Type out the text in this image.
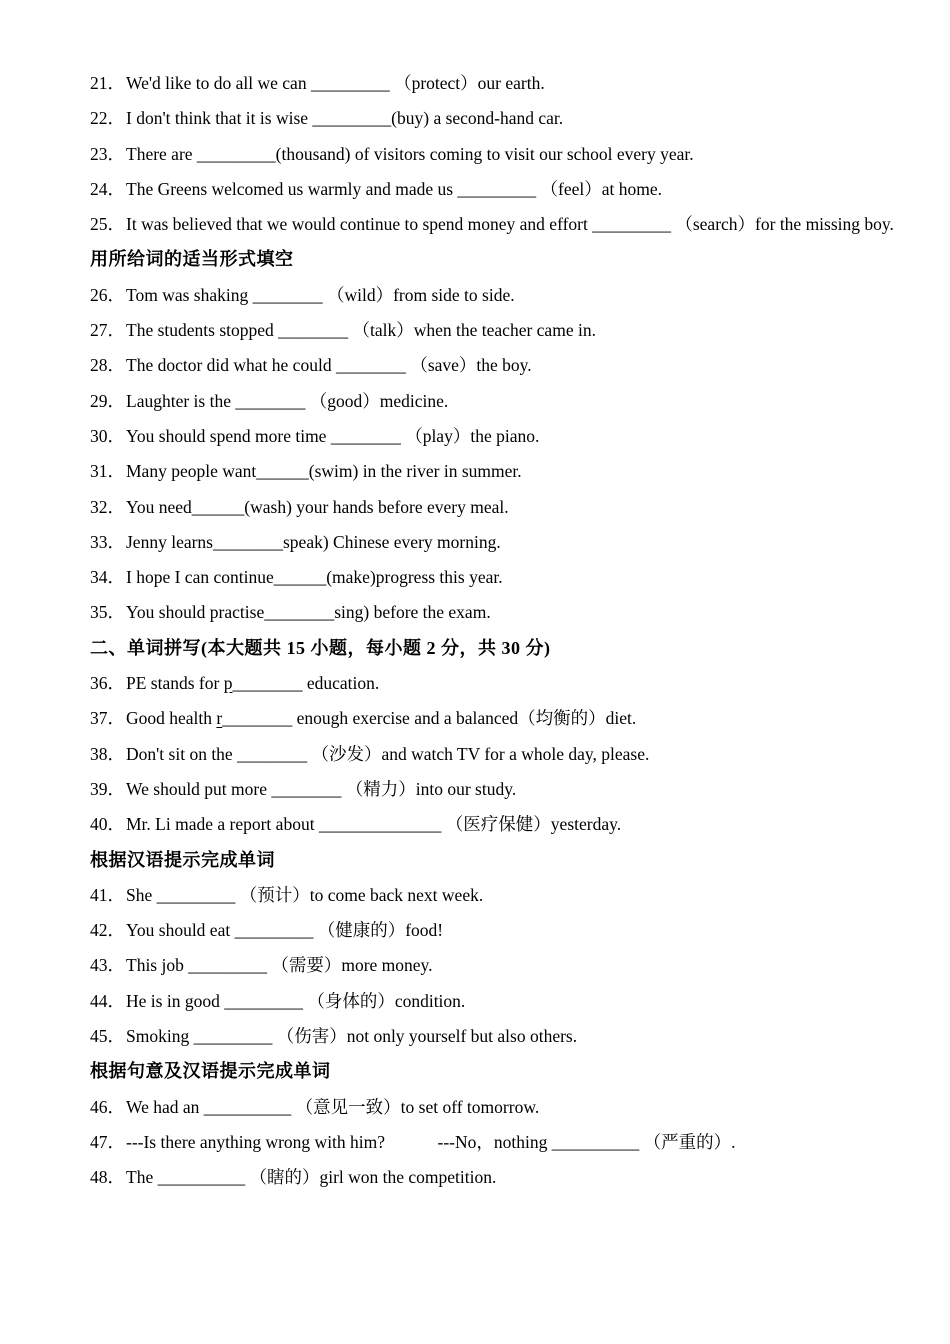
21．We'd like to do all we can _________ （protect）our earth.
22．I don't think that it is wise _________(buy) a second-hand car.
23．There are _________(thousand) of visitors coming to visit our school every year.
24．The Greens welcomed us warmly and made us _________ （feel）at home.
25．It was believed that we would continue to spend money and effort _________ （search）for the missing boy.
用所给词的适当形式填空
26．Tom was shaking ________ （wild）from side to side.
27．The students stopped ________ （talk）when the teacher came in.
28．The doctor did what he could ________ （save）the boy.
29．Laughter is the ________ （good）medicine.
30．You should spend more time ________ （play）the piano.
31．Many people want______(swim) in the river in summer.
32．You need______(wash) your hands before every meal.
33．Jenny learns________speak) Chinese every morning.
34．I hope I can continue______(make)progress this year.
35．You should practise________sing) before the exam.
二、单词拼写(本大题共 15 小题，每小题 2 分，共 30 分)
36．PE stands for p________ education.
37．Good health r________ enough exercise and a balanced（均衡的）diet.
38．Don't sit on the ________ （沙发）and watch TV for a whole day, please.
39．We should put more ________ （精力）into our study.
40．Mr. Li made a report about ______________ （医疗保健）yesterday.
根据汉语提示完成单词
41．She _________ （预计）to come back next week.
42．You should eat _________ （健康的）food!
43．This job _________ （需要）more money.
44．He is in good _________ （身体的）condition.
45．Smoking _________ （伤害）not only yourself but also others.
根据句意及汉语提示完成单词
46．We had an __________ （意见一致）to set off tomorrow.
47．---Is there anything wrong with him?　　　---No，nothing __________ （严重的）.
48．The __________ （瞎的）girl won the competition.
